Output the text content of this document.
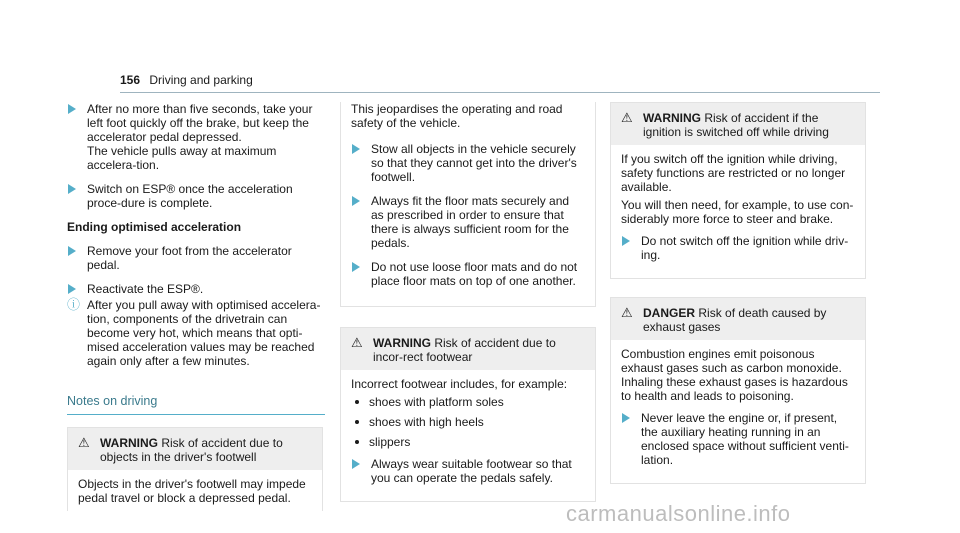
156 Driving and parking
After no more than five seconds, take your left foot quickly off the brake, but keep the accelerator pedal depressed.
The vehicle pulls away at maximum accelera-tion.
Switch on ESP® once the acceleration proce-dure is complete.
Ending optimised acceleration
Remove your foot from the accelerator pedal.
Reactivate the ESP®.
ⓘ After you pull away with optimised accelera-tion, components of the drivetrain can become very hot, which means that opti-mised acceleration values may be reached again only after a few minutes.
Notes on driving
⚠ WARNING Risk of accident due to objects in the driver's footwell
Objects in the driver's footwell may impede pedal travel or block a depressed pedal.
This jeopardises the operating and road safety of the vehicle.
Stow all objects in the vehicle securely so that they cannot get into the driver's footwell.
Always fit the floor mats securely and as prescribed in order to ensure that there is always sufficient room for the pedals.
Do not use loose floor mats and do not place floor mats on top of one another.
⚠ WARNING Risk of accident due to incor-rect footwear
Incorrect footwear includes, for example:
shoes with platform soles
shoes with high heels
slippers
Always wear suitable footwear so that you can operate the pedals safely.
⚠ WARNING Risk of accident if the ignition is switched off while driving
If you switch off the ignition while driving, safety functions are restricted or no longer available.
You will then need, for example, to use con-siderably more force to steer and brake.
Do not switch off the ignition while driv-ing.
⚠ DANGER Risk of death caused by exhaust gases
Combustion engines emit poisonous exhaust gases such as carbon monoxide. Inhaling these exhaust gases is hazardous to health and leads to poisoning.
Never leave the engine or, if present, the auxiliary heating running in an enclosed space without sufficient venti-lation.
carmanualsonline.info
